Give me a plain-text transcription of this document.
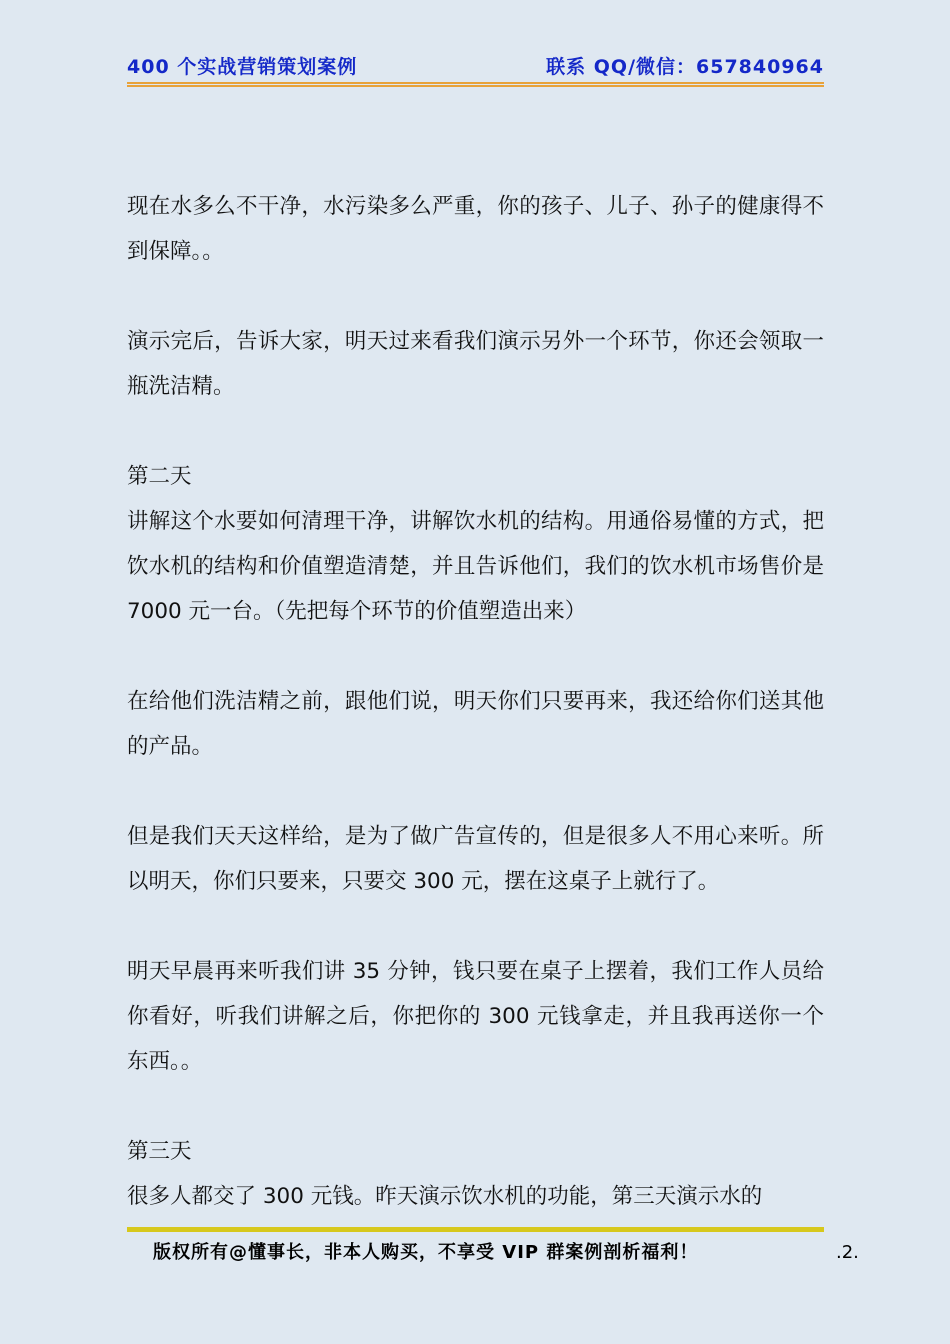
400 个实战营销策划案例	联系 QQ/微信：657840964

现在水多么不干净，水污染多么严重，你的孩子、儿子、孙子的健康得不到保障。。

演示完后，告诉大家，明天过来看我们演示另外一个环节，你还会领取一瓶洗洁精。

第二天

讲解这个水要如何清理干净，讲解饮水机的结构。用通俗易懂的方式，把饮水机的结构和价值塑造清楚，并且告诉他们，我们的饮水机市场售价是 7000 元一台。（先把每个环节的价值塑造出来）

在给他们洗洁精之前，跟他们说，明天你们只要再来，我还给你们送其他的产品。

但是我们天天这样给，是为了做广告宣传的，但是很多人不用心来听。所以明天，你们只要来，只要交 300 元，摆在这桌子上就行了。

明天早晨再来听我们讲 35 分钟，钱只要在桌子上摆着，我们工作人员给你看好，听我们讲解之后，你把你的 300 元钱拿走，并且我再送你一个东西。。

第三天

很多人都交了 300 元钱。昨天演示饮水机的功能，第三天演示水的

版权所有@懂事长，非本人购买，不享受 VIP 群案例剖析福利！	.2.
